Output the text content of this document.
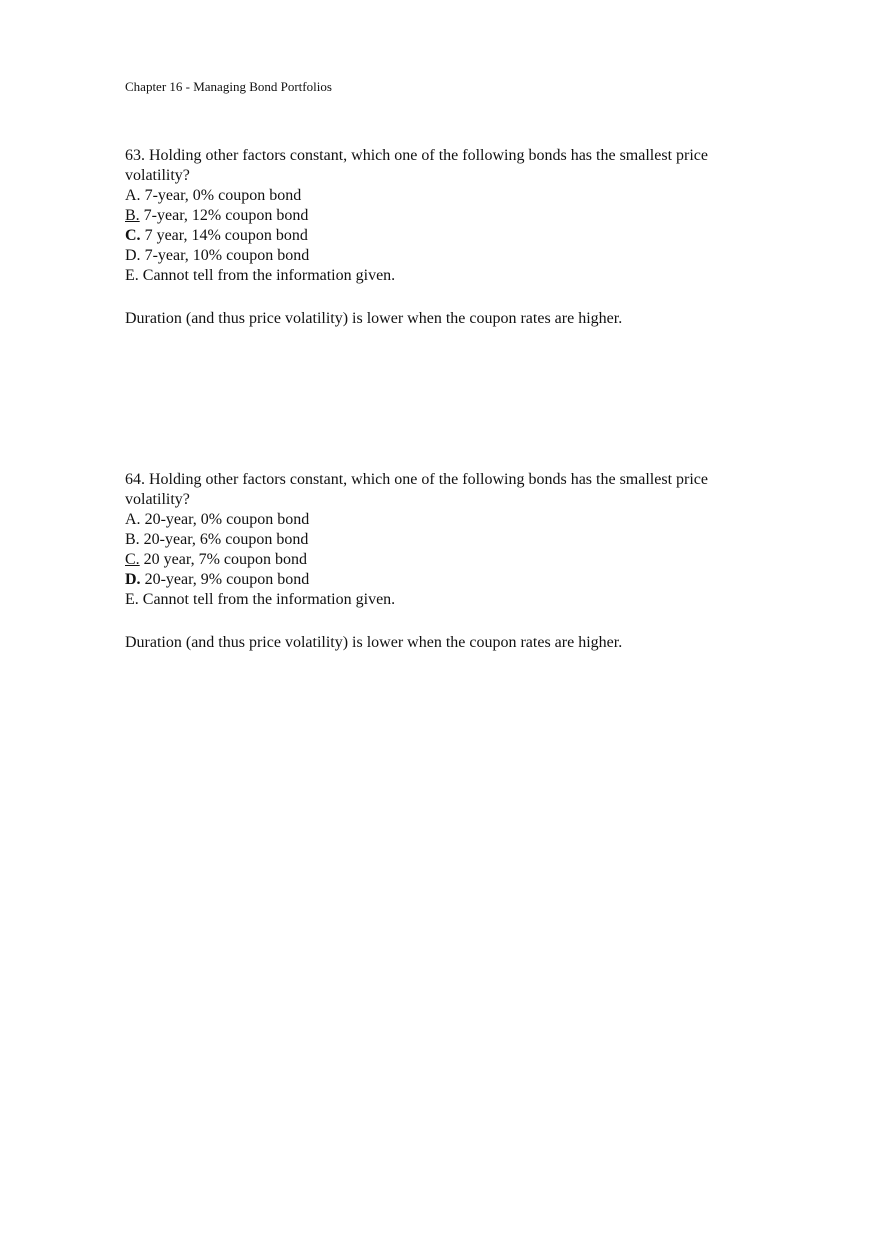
Chapter 16 - Managing Bond Portfolios

63. Holding other factors constant, which one of the following bonds has the smallest price volatility?

A. 7-year, 0% coupon bond
B. 7-year, 12% coupon bond
C. 7 year, 14% coupon bond
D. 7-year, 10% coupon bond
E. Cannot tell from the information given.

Duration (and thus price volatility) is lower when the coupon rates are higher.

64. Holding other factors constant, which one of the following bonds has the smallest price volatility?

A. 20-year, 0% coupon bond
B. 20-year, 6% coupon bond
C. 20 year, 7% coupon bond
D. 20-year, 9% coupon bond
E. Cannot tell from the information given.

Duration (and thus price volatility) is lower when the coupon rates are higher.
